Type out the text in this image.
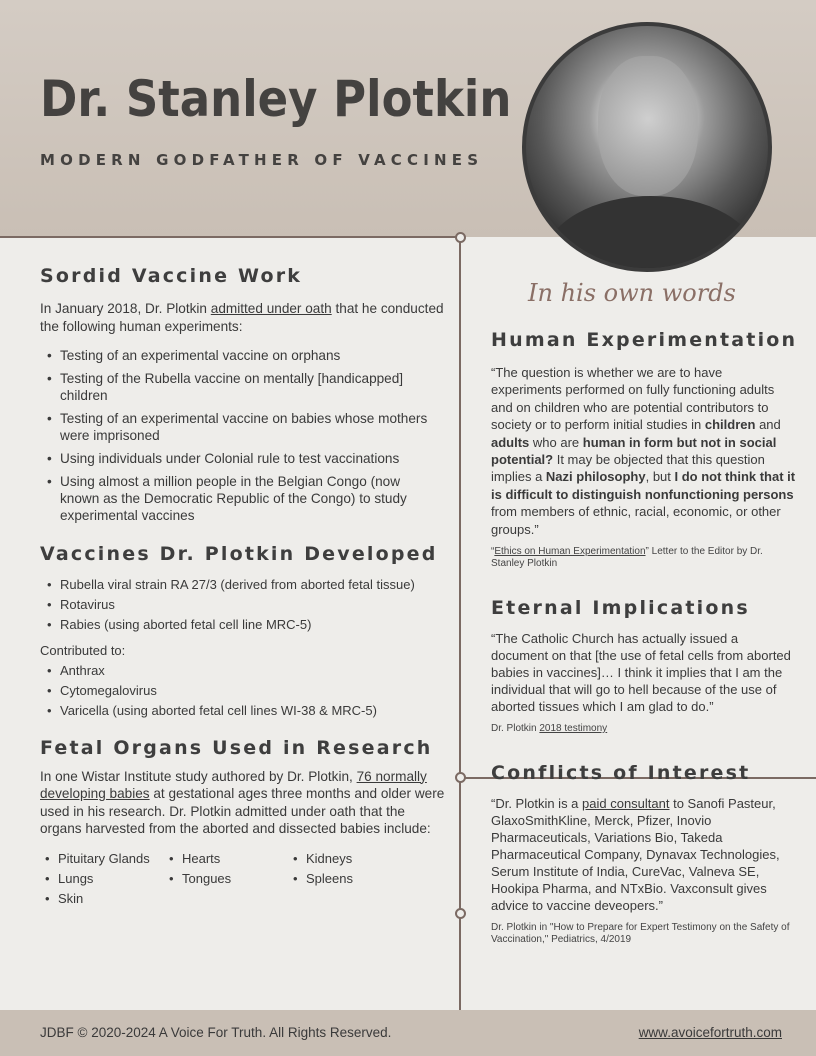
Dr. Stanley Plotkin
MODERN GODFATHER OF VACCINES
Sordid Vaccine Work
In January 2018, Dr. Plotkin admitted under oath that he conducted the following human experiments:
• Testing of an experimental vaccine on orphans
• Testing of the Rubella vaccine on mentally [handicapped] children
• Testing of an experimental vaccine on babies whose mothers were imprisoned
• Using individuals under Colonial rule to test vaccinations
• Using almost a million people in the Belgian Congo (now known as the Democratic Republic of the Congo) to study experimental vaccines
Vaccines Dr. Plotkin Developed
• Rubella viral strain RA 27/3 (derived from aborted fetal tissue)
• Rotavirus
• Rabies (using aborted fetal cell line MRC-5)
Contributed to:
• Anthrax
• Cytomegalovirus
• Varicella (using aborted fetal cell lines WI-38 & MRC-5)
Fetal Organs Used in Research
In one Wistar Institute study authored by Dr. Plotkin, 76 normally developing babies at gestational ages three months and older were used in his research. Dr. Plotkin admitted under oath that the organs harvested from the aborted and dissected babies include:
• Pituitary Glands
• Lungs
• Skin
• Hearts
• Tongues
• Kidneys
• Spleens
In his own words
Human Experimentation
“The question is whether we are to have experiments performed on fully functioning adults and on children who are potential contributors to society or to perform initial studies in children and adults who are human in form but not in social potential? It may be objected that this question implies a Nazi philosophy, but I do not think that it is difficult to distinguish nonfunctioning persons from members of ethnic, racial, economic, or other groups.”
“Ethics on Human Experimentation” Letter to the Editor by Dr. Stanley Plotkin
Eternal Implications
“The Catholic Church has actually issued a document on that [the use of fetal cells from aborted babies in vaccines]… I think it implies that I am the individual that will go to hell because of the use of aborted tissues which I am glad to do.”
Dr. Plotkin 2018 testimony
Conflicts of Interest
“Dr. Plotkin is a paid consultant to Sanofi Pasteur, GlaxoSmithKline, Merck, Pfizer, Inovio Pharmaceuticals, Variations Bio, Takeda Pharmaceutical Company, Dynavax Technologies, Serum Institute of India, CureVac, Valneva SE, Hookipa Pharma, and NTxBio. Vaxconsult gives advice to vaccine deveopers.”
Dr. Plotkin in "How to Prepare for Expert Testimony on the Safety of Vaccination," Pediatrics, 4/2019
JDBF © 2020-2024 A Voice For Truth. All Rights Reserved.	www.avoicefortruth.com
